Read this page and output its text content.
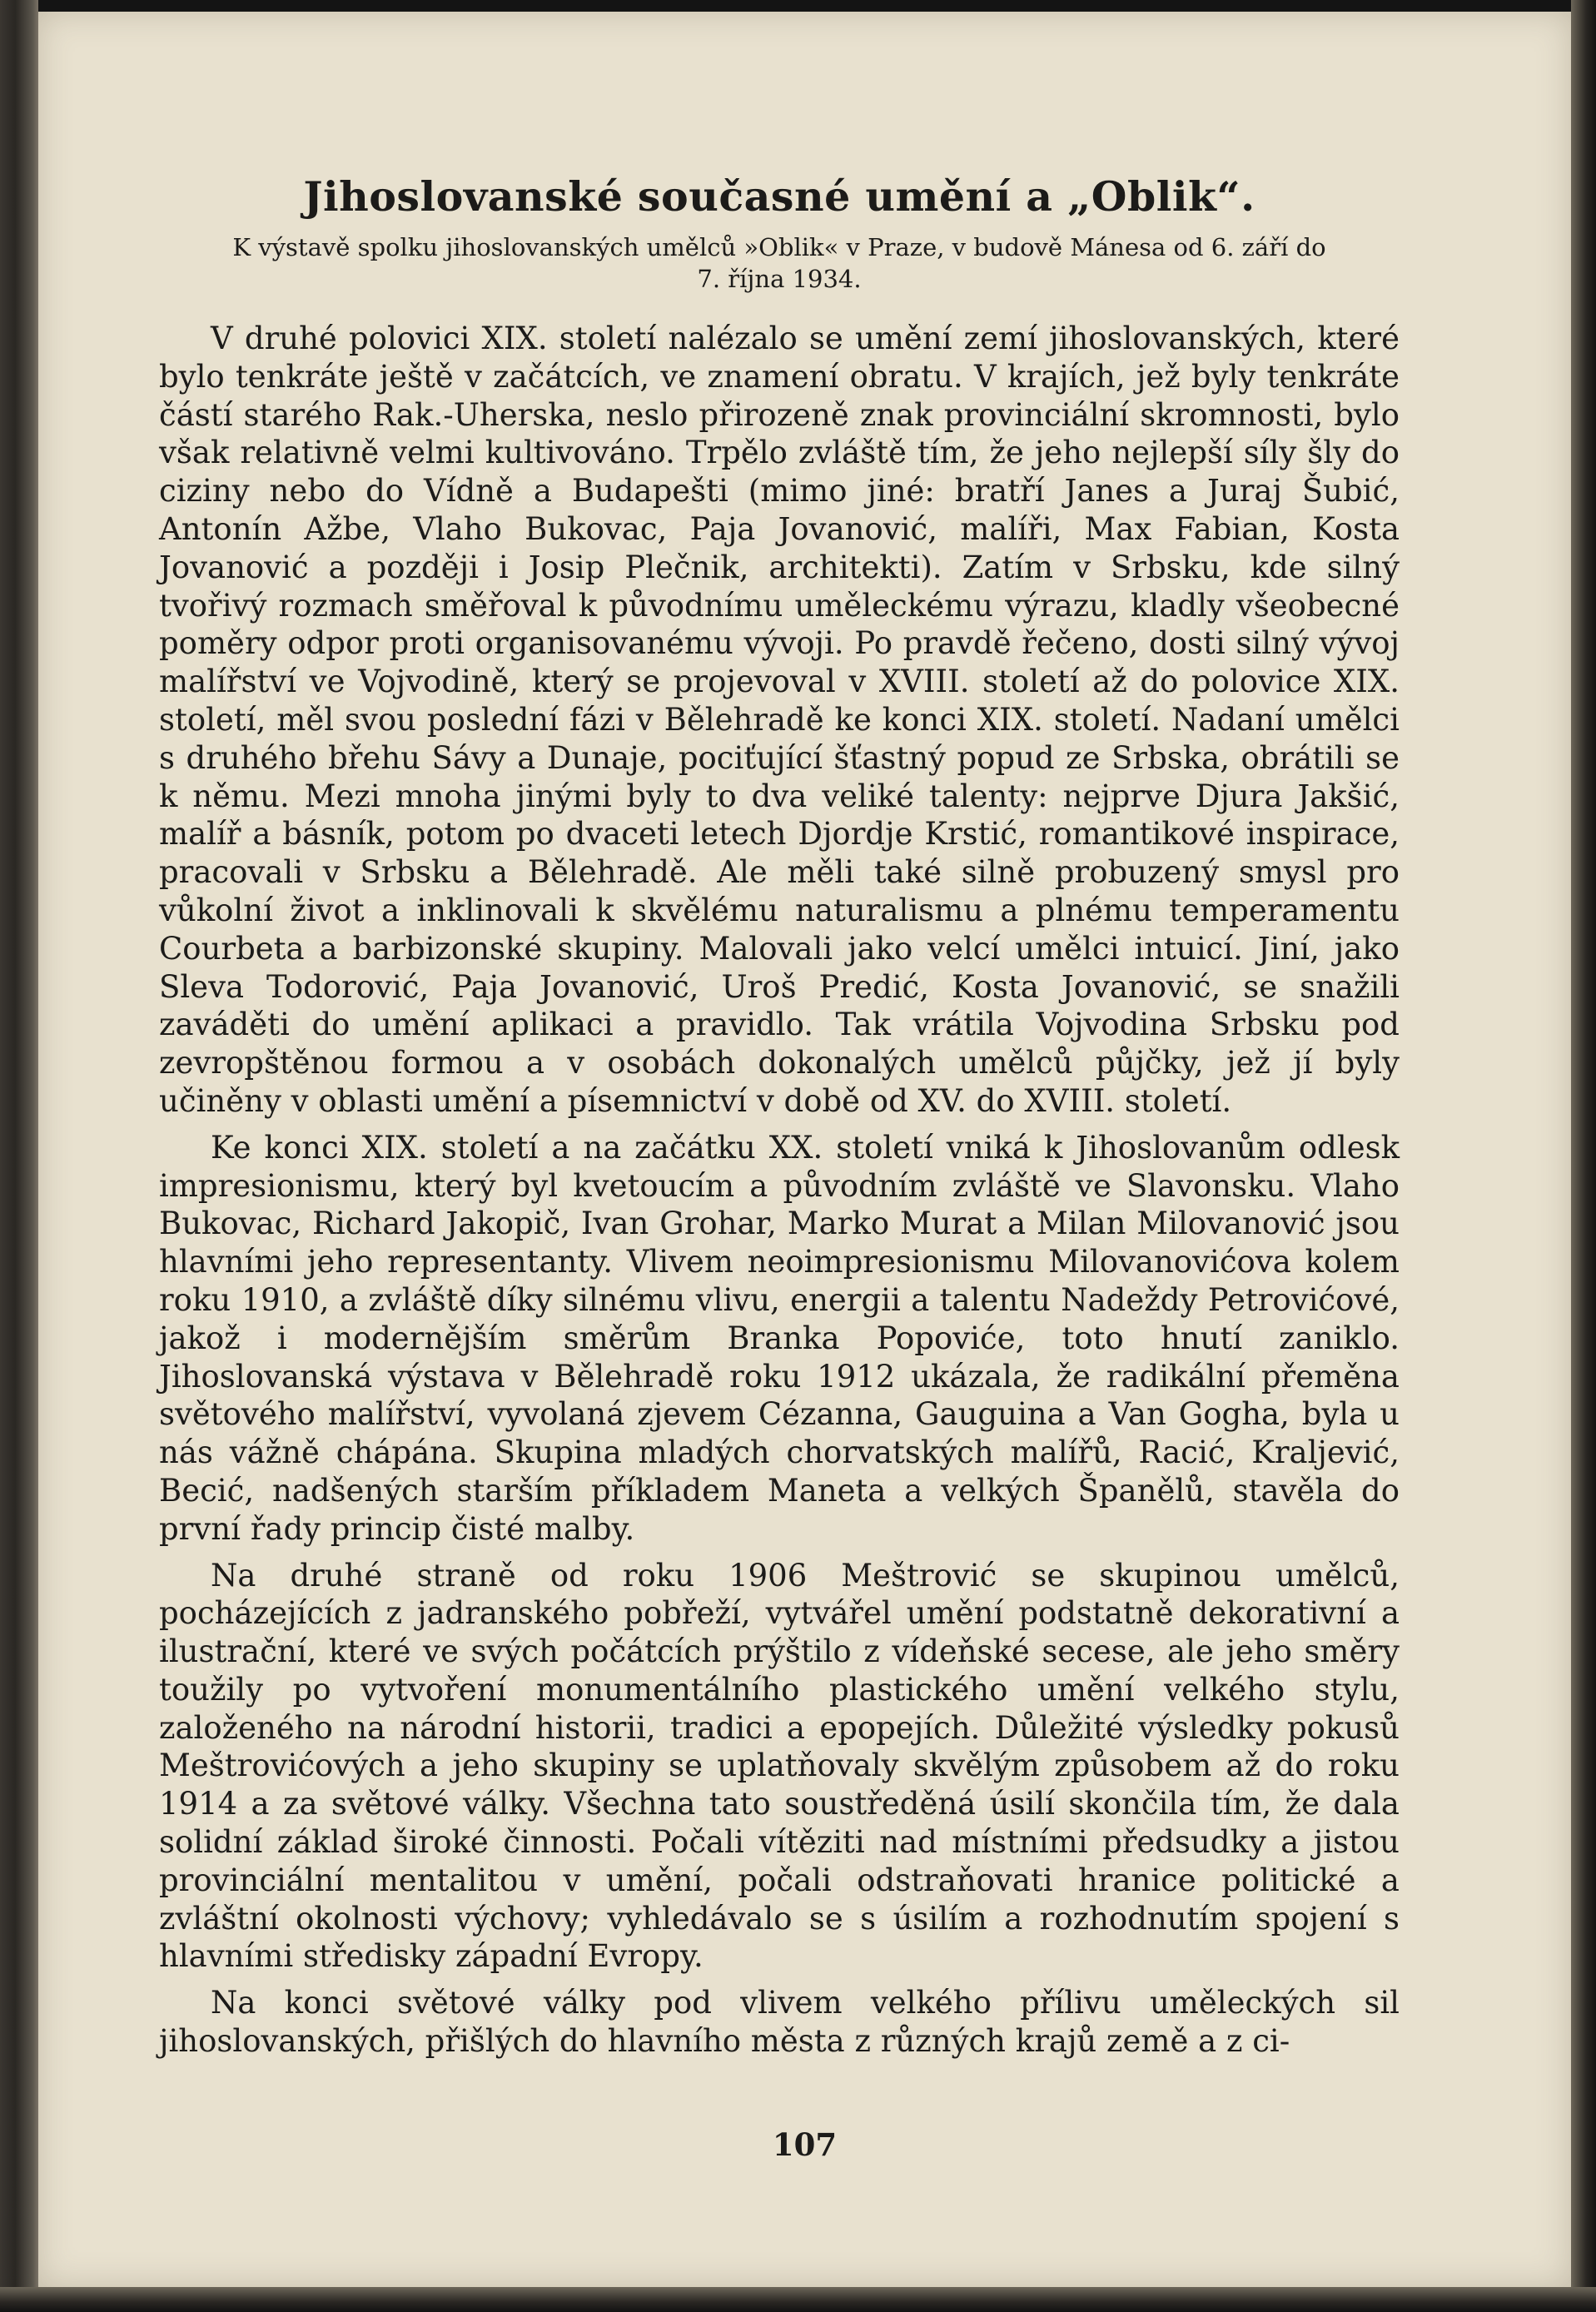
Jihoslovanské současné umění a „Oblik“.
K výstavě spolku jihoslovanských umělců »Oblik« v Praze, v budově Mánesa od 6. září do 7. října 1934.

V druhé polovici XIX. století nalézalo se umění zemí jihoslovanských, které bylo tenkráte ještě v začátcích, ve znamení obratu. V krajích, jež byly tenkráte částí starého Rak.-Uherska, neslo přirozeně znak provinciální skromnosti, bylo však relativně velmi kultivováno. Trpělo zvláště tím, že jeho nejlepší síly šly do ciziny nebo do Vídně a Budapešti (mimo jiné: bratří Janes a Juraj Šubić, Antonín Ažbe, Vlaho Bukovac, Paja Jovanović, malíři, Max Fabian, Kosta Jovanović a později i Josip Plečnik, architekti). Zatím v Srbsku, kde silný tvořivý rozmach směřoval k původnímu uměleckému výrazu, kladly všeobecné poměry odpor proti organisovanému vývoji. Po pravdě řečeno, dosti silný vývoj malířství ve Vojvodině, který se projevoval v XVIII. století až do polovice XIX. století, měl svou poslední fázi v Bělehradě ke konci XIX. století. Nadaní umělci s druhého břehu Sávy a Dunaje, pociťující šťastný popud ze Srbska, obrátili se k němu. Mezi mnoha jinými byly to dva veliké talenty: nejprve Djura Jakšić, malíř a básník, potom po dvaceti letech Djordje Krstić, romantikové inspirace, pracovali v Srbsku a Bělehradě. Ale měli také silně probuzený smysl pro vůkolní život a inklinovali k skvělému naturalismu a plnému temperamentu Courbeta a barbizonské skupiny. Malovali jako velcí umělci intuicí. Jiní, jako Sleva Todorović, Paja Jovanović, Uroš Predić, Kosta Jovanović, se snažili zaváděti do umění aplikaci a pravidlo. Tak vrátila Vojvodina Srbsku pod zevropštěnou formou a v osobách dokonalých umělců půjčky, jež jí byly učiněny v oblasti umění a písemnictví v době od XV. do XVIII. století.

Ke konci XIX. století a na začátku XX. století vniká k Jihoslovanům odlesk impresionismu, který byl kvetoucím a původním zvláště ve Slavonsku. Vlaho Bukovac, Richard Jakopič, Ivan Grohar, Marko Murat a Milan Milovanović jsou hlavními jeho representanty. Vlivem neoimpresionismu Milovanovićova kolem roku 1910, a zvláště díky silnému vlivu, energii a talentu Nadeždy Petrovićové, jakož i modernějším směrům Branka Popoviće, toto hnutí zaniklo. Jihoslovanská výstava v Bělehradě roku 1912 ukázala, že radikální přeměna světového malířství, vyvolaná zjevem Cézanna, Gauguina a Van Gogha, byla u nás vážně chápána. Skupina mladých chorvatských malířů, Racić, Kraljević, Becić, nadšených starším příkladem Maneta a velkých Španělů, stavěla do první řady princip čisté malby.

Na druhé straně od roku 1906 Meštrović se skupinou umělců, pocházejících z jadranského pobřeží, vytvářel umění podstatně dekorativní a ilustrační, které ve svých počátcích prýštilo z vídeňské secese, ale jeho směry toužily po vytvoření monumentálního plastického umění velkého stylu, založeného na národní historii, tradici a epopejích. Důležité výsledky pokusů Meštrovićových a jeho skupiny se uplatňovaly skvělým způsobem až do roku 1914 a za světové války. Všechna tato soustředěná úsilí skončila tím, že dala solidní základ široké činnosti. Počali vítěziti nad místními předsudky a jistou provinciální mentalitou v umění, počali odstraňovati hranice politické a zvláštní okolnosti výchovy; vyhledávalo se s úsilím a rozhodnutím spojení s hlavními středisky západní Evropy.

Na konci světové války pod vlivem velkého přílivu uměleckých sil jihoslovanských, přišlých do hlavního města z různých krajů země a z ci-

107
